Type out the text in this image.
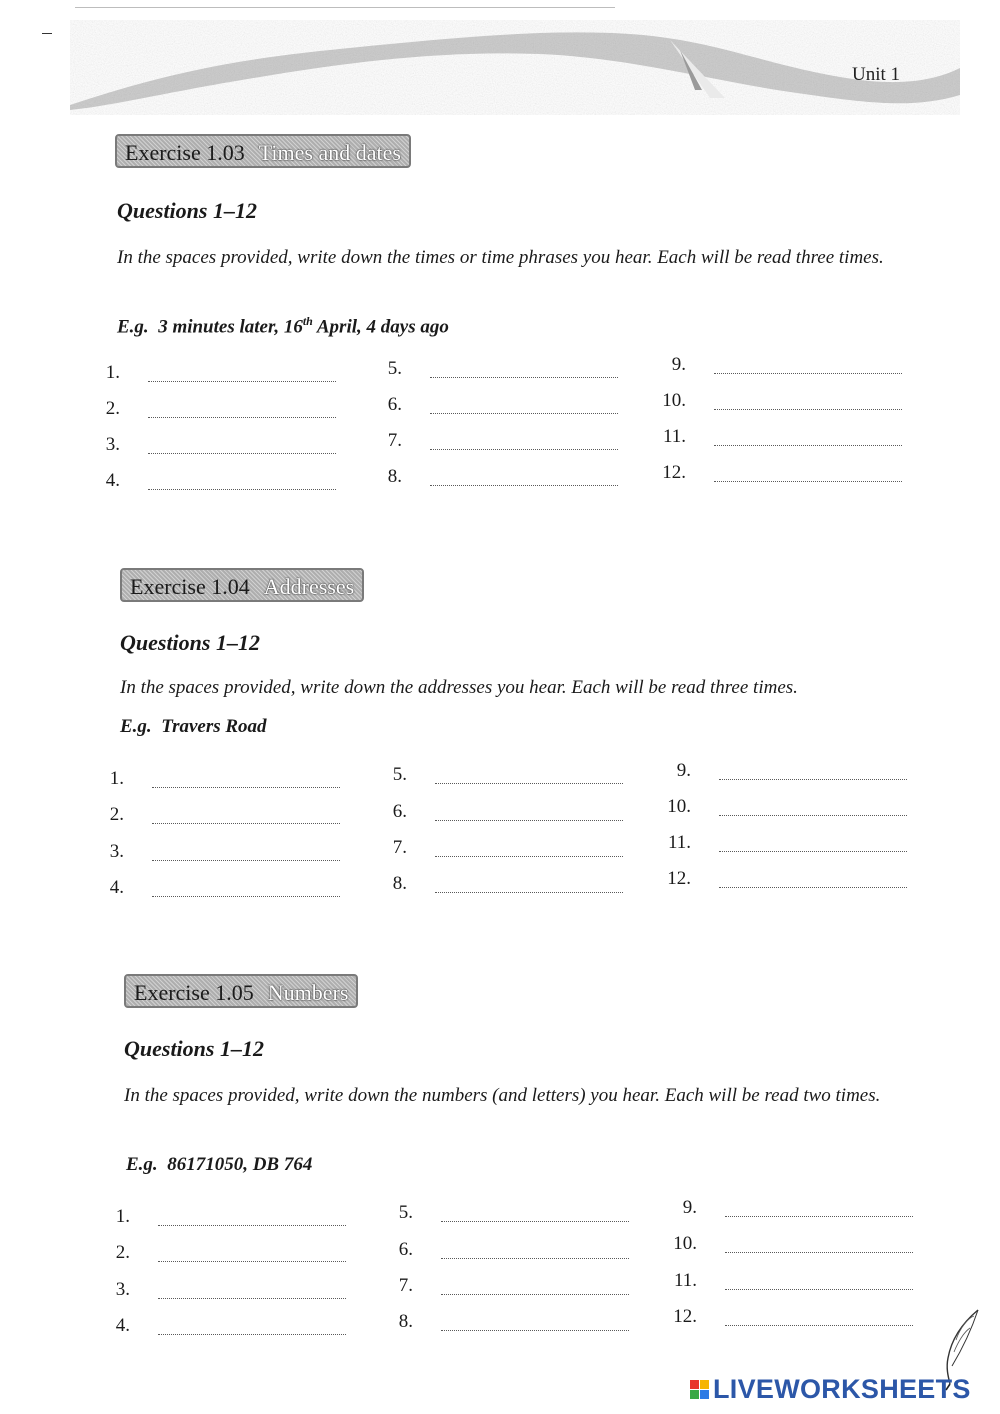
Unit 1
Exercise 1.03 Times and dates
Questions 1–12
In the spaces provided, write down the times or time phrases you hear. Each will be read three times.
E.g. 3 minutes later, 16th April, 4 days ago
1.
2.
3.
4.
5.
6.
7.
8.
9.
10.
11.
12.
Exercise 1.04 Addresses
Questions 1–12
In the spaces provided, write down the addresses you hear. Each will be read three times.
E.g. Travers Road
1.
2.
3.
4.
5.
6.
7.
8.
9.
10.
11.
12.
Exercise 1.05 Numbers
Questions 1–12
In the spaces provided, write down the numbers (and letters) you hear. Each will be read two times.
E.g. 86171050, DB 764
1.
2.
3.
4.
5.
6.
7.
8.
9.
10.
11.
12.
LIVEWORKSHEETS
